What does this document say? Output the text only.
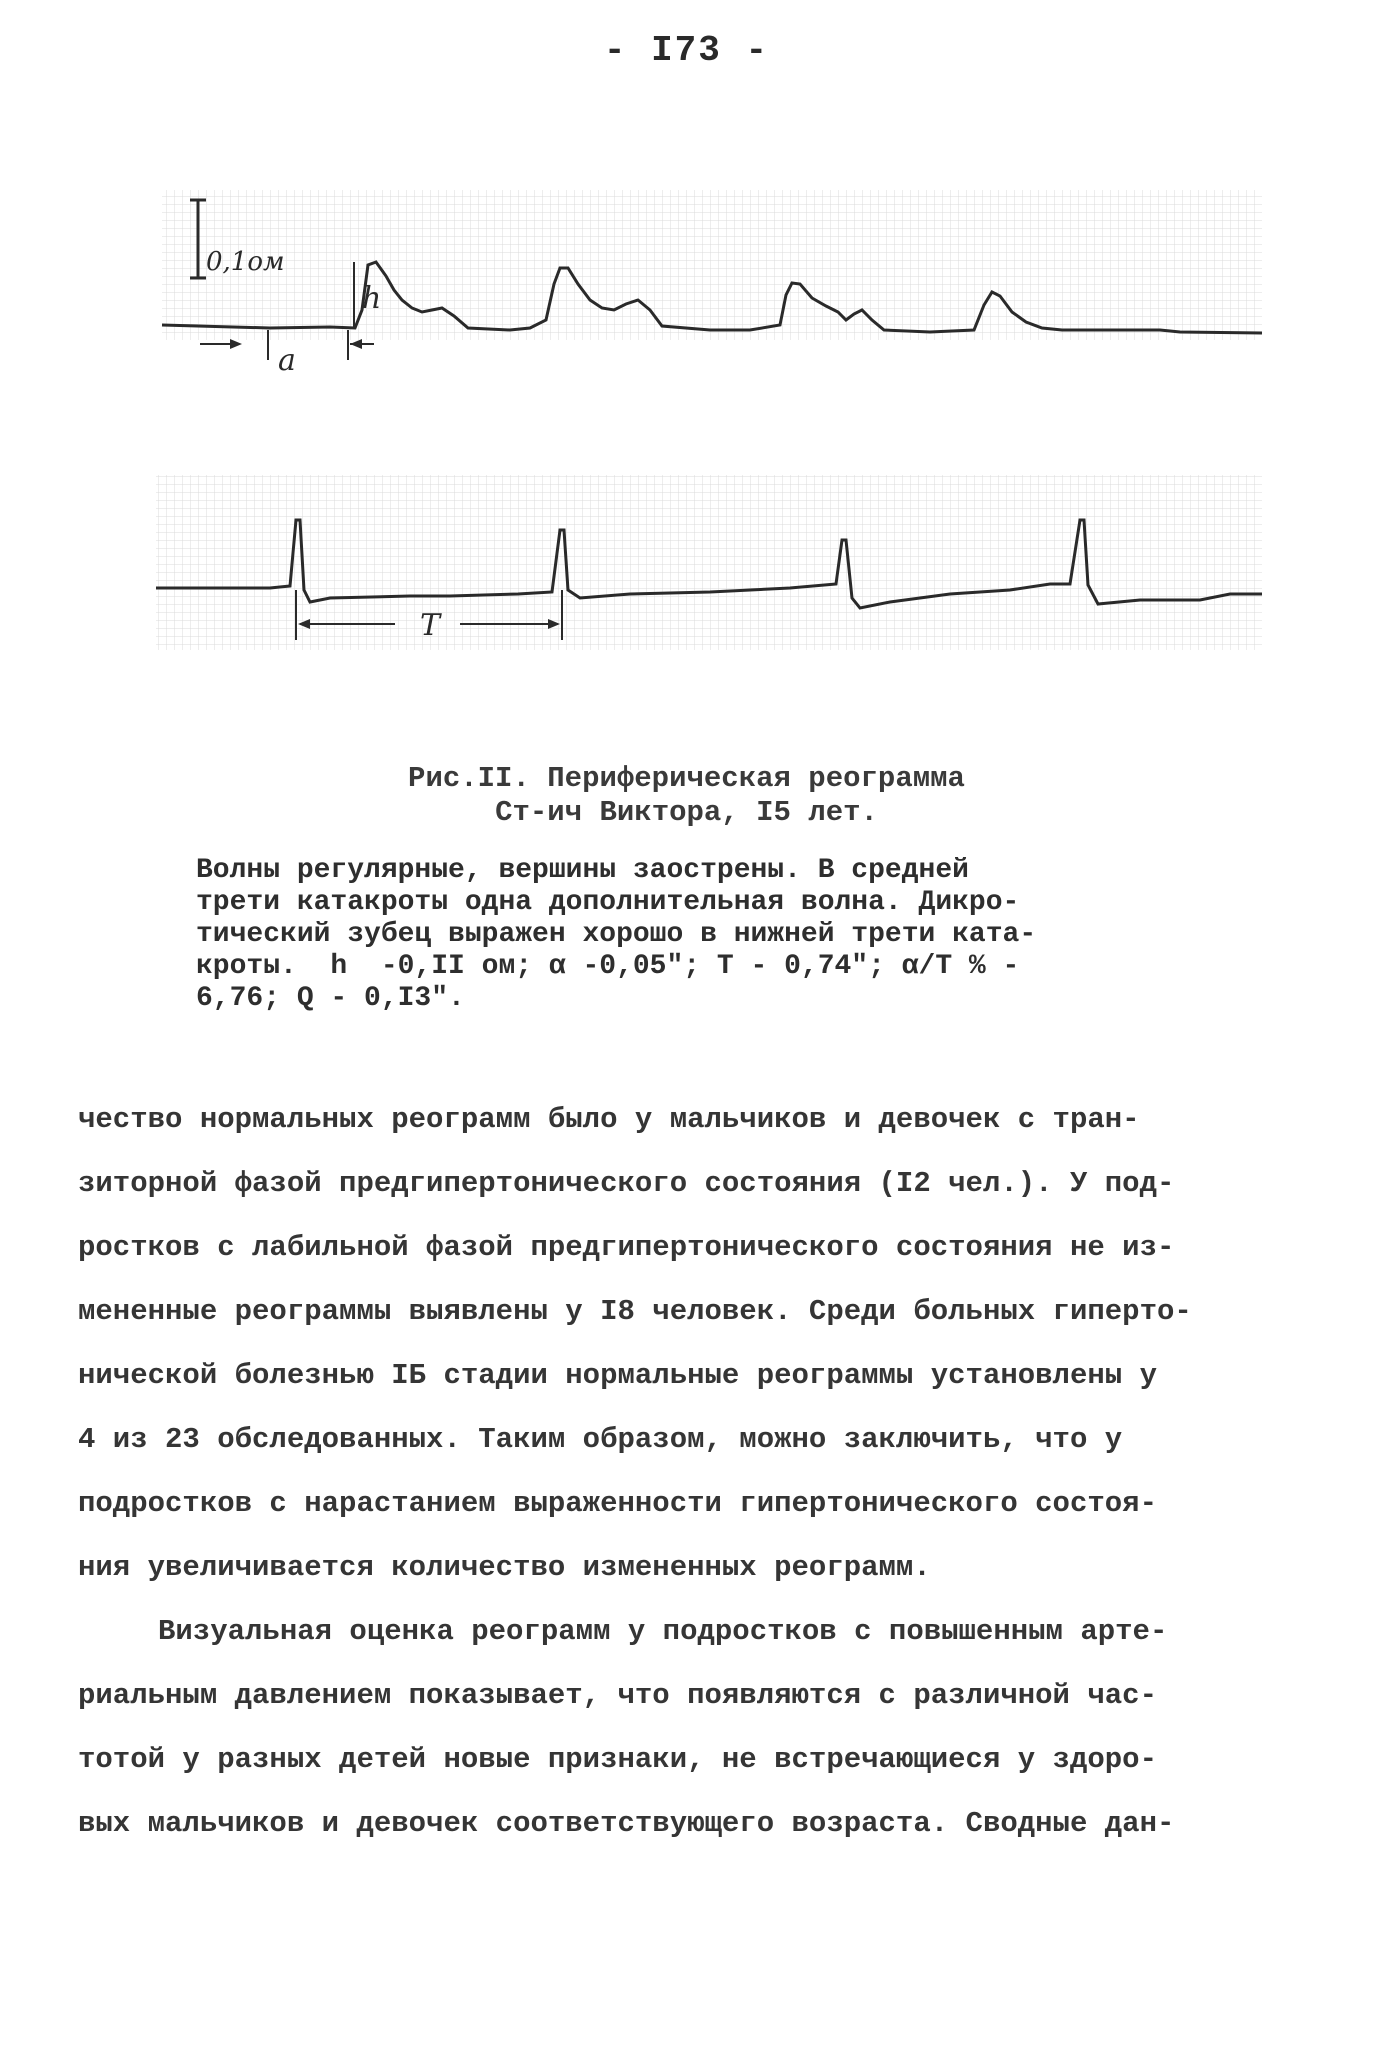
- I73 -
0,1ом
h
a
T
Рис.II. Периферическая реограмма
Ст-ич Виктора, I5 лет.
Волны регулярные, вершины заострены. В средней
трети катакроты одна дополнительная волна. Дикро-
тический зубец выражен хорошо в нижней трети ката-
кроты.  h  -0,II ом; α -0,05"; Т - 0,74"; α/T % -
6,76; Q - 0,I3".
чество нормальных реограмм было у мальчиков и девочек с тран-
зиторной фазой предгипертонического состояния (I2 чел.). У под-
ростков с лабильной фазой предгипертонического состояния не из-
мененные реограммы выявлены у I8 человек. Среди больных гиперто-
нической болезнью IБ стадии нормальные реограммы установлены у
4 из 23 обследованных. Таким образом, можно заключить, что у
подростков с нарастанием выраженности гипертонического состоя-
ния увеличивается количество измененных реограмм.
Визуальная оценка реограмм у подростков с повышенным арте-
риальным давлением показывает, что появляются с различной час-
тотой у разных детей новые признаки, не встречающиеся у здоро-
вых мальчиков и девочек соответствующего возраста. Сводные дан-
